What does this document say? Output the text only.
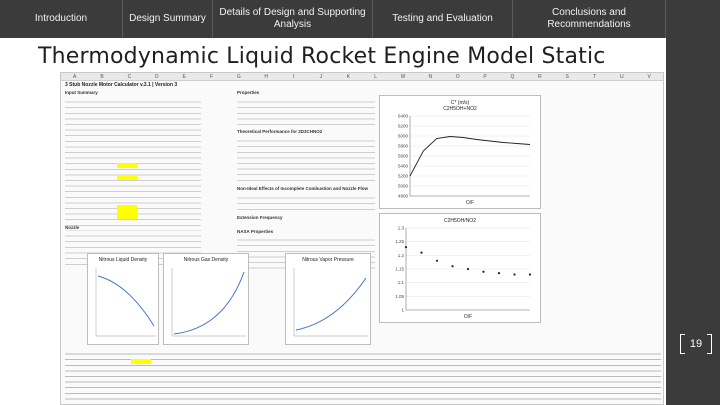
Introduction	Design Summary
Details of Design and Supporting Analysis
Testing and Evaluation
Conclusions and Recommendations
Thermodynamic Liquid Rocket Engine Model Static
A	B	C	D	E	F	G	H	I	J	K	L	M	N	O	P	Q	R	S	T	U	V
3 Stub Nozzle Motor Calculator v.3.1 | Version 3
Input Summary
Nozzle
Properties
Theoretical Performance for 2D3CHNO2
Non-Ideal Effects of Incomplete Combustion and Nozzle Flow
Extension Frequency
NASA Properties
C* (m/s)
C2H5OH+NO2
6400
6200
6000
5800
5600
5400
5200
5000
4800
O/F
C2H5OH/NO2
1.3
1.25
1.2
1.15
1.1
1.05
1
O/F
Nitrous Liquid Density	Nitrous Gas Density	Nitrous Vapor Pressure
19
